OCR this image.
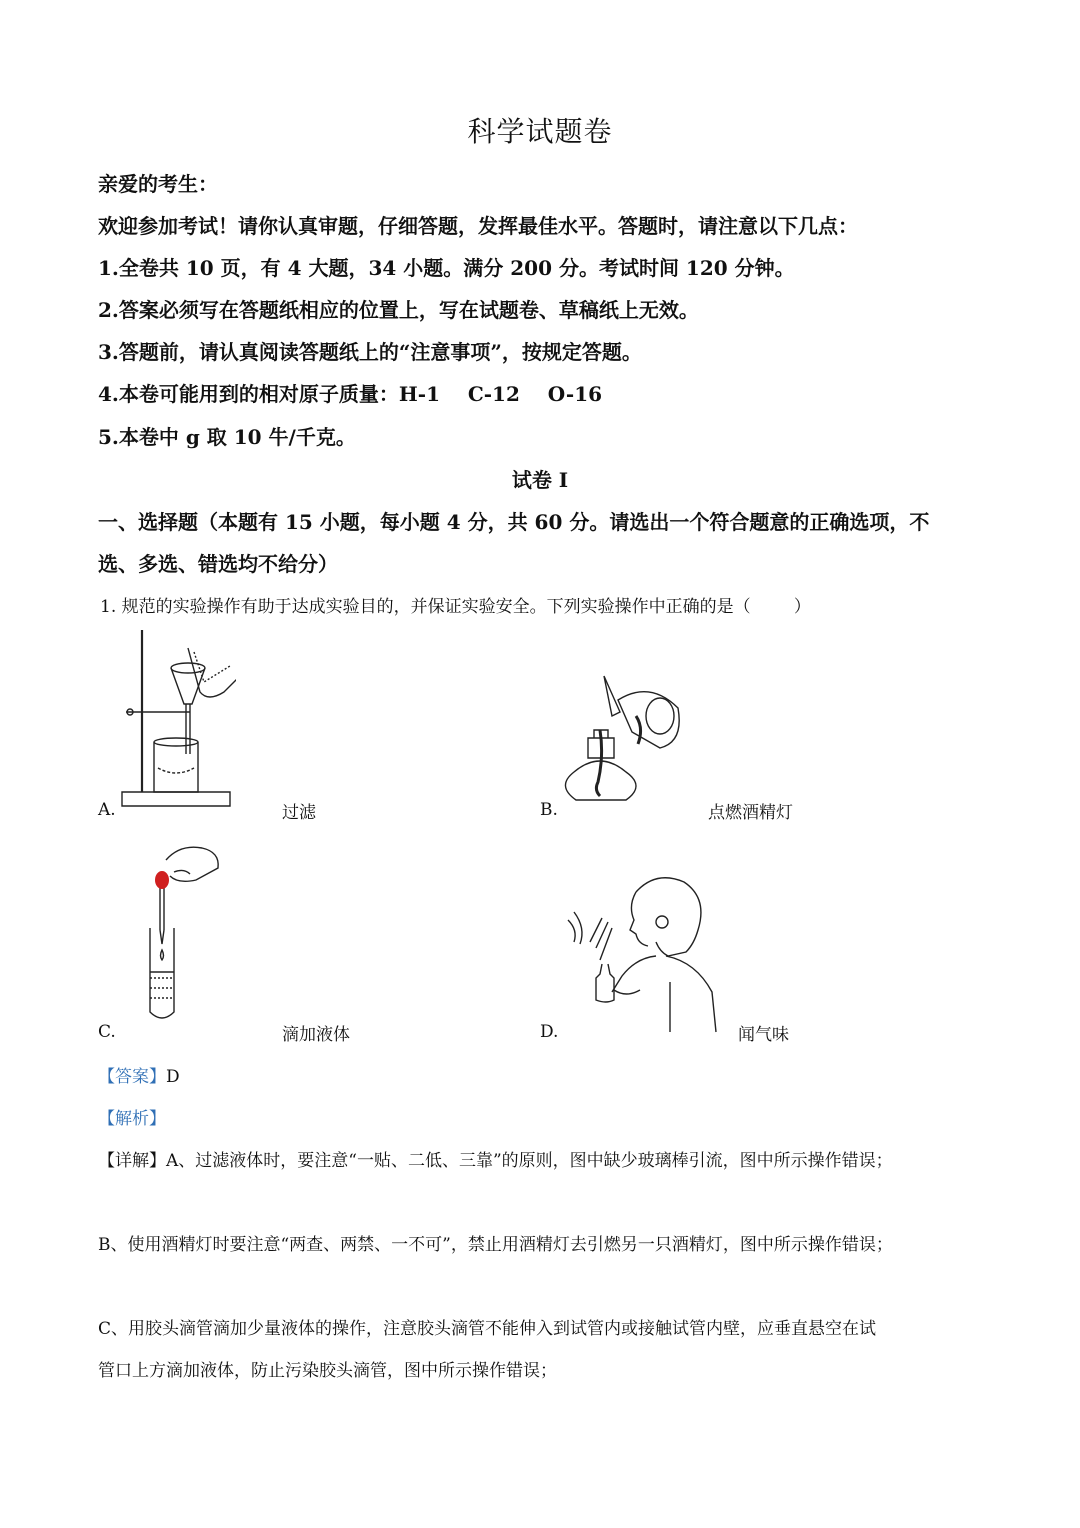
科学试题卷
亲爱的考生：
欢迎参加考试！请你认真审题，仔细答题，发挥最佳水平。答题时，请注意以下几点：
1.全卷共 10 页，有 4 大题，34 小题。满分 200 分。考试时间 120 分钟。
2.答案必须写在答题纸相应的位置上，写在试题卷、草稿纸上无效。
3.答题前，请认真阅读答题纸上的“注意事项”，按规定答题。
4.本卷可能用到的相对原子质量：H-1    C-12    O-16
5.本卷中 g 取 10 牛/千克。
试卷 I
一、选择题（本题有 15 小题，每小题 4 分，共 60 分。请选出一个符合题意的正确选项，不
选、多选、错选均不给分）
1. 规范的实验操作有助于达成实验目的，并保证实验安全。下列实验操作中正确的是（        ）
A.	过滤	B.	点燃酒精灯
C.	滴加液体	D.	闻气味
【答案】D
【解析】
【详解】A、过滤液体时，要注意“一贴、二低、三靠”的原则，图中缺少玻璃棒引流，图中所示操作错误；
B、使用酒精灯时要注意“两查、两禁、一不可”，禁止用酒精灯去引燃另一只酒精灯，图中所示操作错误；
C、用胶头滴管滴加少量液体的操作，注意胶头滴管不能伸入到试管内或接触试管内壁，应垂直悬空在试
管口上方滴加液体，防止污染胶头滴管，图中所示操作错误；
